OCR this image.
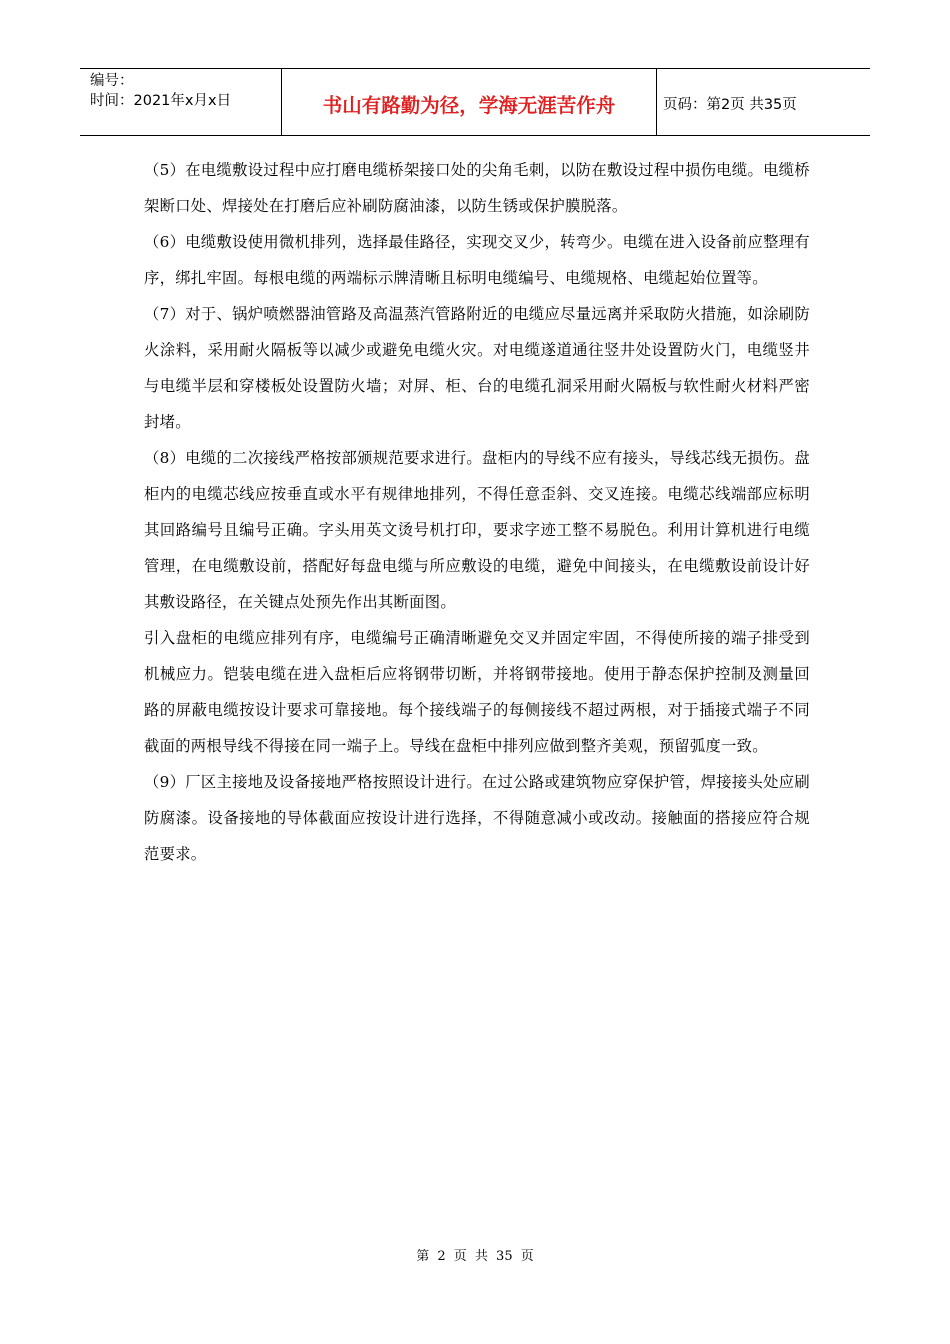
编号：
时间：2021年x月x日	书山有路勤为径，学海无涯苦作舟	页码：第2页 共35页

（5）在电缆敷设过程中应打磨电缆桥架接口处的尖角毛刺，以防在敷设过程中损伤电缆。电缆桥架断口处、焊接处在打磨后应补刷防腐油漆，以防生锈或保护膜脱落。

（6）电缆敷设使用微机排列，选择最佳路径，实现交叉少，转弯少。电缆在进入设备前应整理有序，绑扎牢固。每根电缆的两端标示牌清晰且标明电缆编号、电缆规格、电缆起始位置等。

（7）对于、锅炉喷燃器油管路及高温蒸汽管路附近的电缆应尽量远离并采取防火措施，如涂刷防火涂料，采用耐火隔板等以减少或避免电缆火灾。对电缆遂道通往竖井处设置防火门，电缆竖井与电缆半层和穿楼板处设置防火墙；对屏、柜、台的电缆孔洞采用耐火隔板与软性耐火材料严密封堵。

（8）电缆的二次接线严格按部颁规范要求进行。盘柜内的导线不应有接头，导线芯线无损伤。盘柜内的电缆芯线应按垂直或水平有规律地排列，不得任意歪斜、交叉连接。电缆芯线端部应标明其回路编号且编号正确。字头用英文烫号机打印，要求字迹工整不易脱色。利用计算机进行电缆管理，在电缆敷设前，搭配好每盘电缆与所应敷设的电缆，避免中间接头，在电缆敷设前设计好其敷设路径，在关键点处预先作出其断面图。

引入盘柜的电缆应排列有序，电缆编号正确清晰避免交叉并固定牢固，不得使所接的端子排受到机械应力。铠装电缆在进入盘柜后应将钢带切断，并将钢带接地。使用于静态保护控制及测量回路的屏蔽电缆按设计要求可靠接地。每个接线端子的每侧接线不超过两根，对于插接式端子不同截面的两根导线不得接在同一端子上。导线在盘柜中排列应做到整齐美观，预留弧度一致。

（9）厂区主接地及设备接地严格按照设计进行。在过公路或建筑物应穿保护管，焊接接头处应刷防腐漆。设备接地的导体截面应按设计进行选择，不得随意减小或改动。接触面的搭接应符合规范要求。

第 2 页 共 35 页
